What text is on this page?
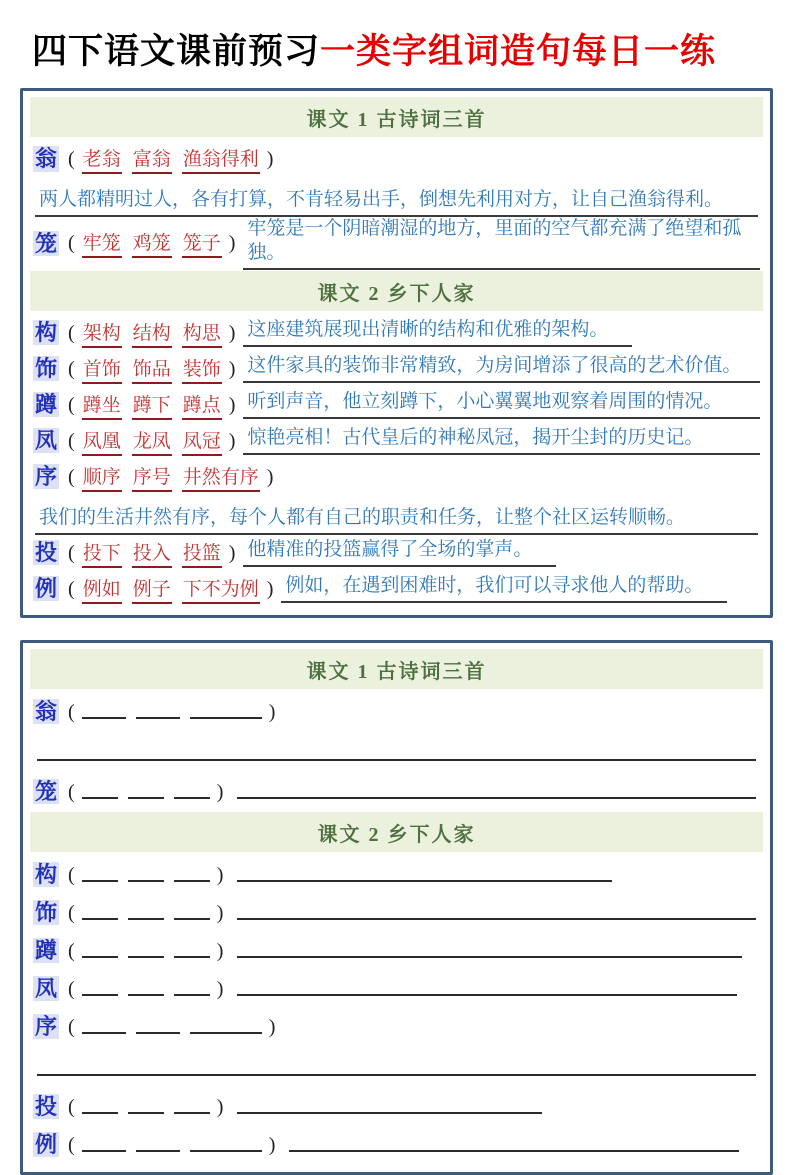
四下语文课前预习一类字组词造句每日一练
课文 1 古诗词三首
翁 ( 老翁 富翁 渔翁得利 )
两人都精明过人，各有打算，不肯轻易出手，倒想先利用对方，让自己渔翁得利。
笼 ( 牢笼 鸡笼 笼子 )
牢笼是一个阴暗潮湿的地方，里面的空气都充满了绝望和孤独。
课文 2 乡下人家
构 ( 架构 结构 构思 ) 这座建筑展现出清晰的结构和优雅的架构。
饰 ( 首饰 饰品 装饰 ) 这件家具的装饰非常精致，为房间增添了很高的艺术价值。
蹲 ( 蹲坐 蹲下 蹲点 ) 听到声音，他立刻蹲下，小心翼翼地观察着周围的情况。
凤 ( 凤凰 龙凤 凤冠 ) 惊艳亮相！古代皇后的神秘凤冠，揭开尘封的历史记。
序 ( 顺序 序号 井然有序 )
我们的生活井然有序，每个人都有自己的职责和任务，让整个社区运转顺畅。
投 ( 投下 投入 投篮 ) 他精准的投篮赢得了全场的掌声。
例 ( 例如 例子 下不为例 ) 例如，在遇到困难时，我们可以寻求他人的帮助。
课文 1 古诗词三首
翁 (	)
笼 (	)
课文 2 乡下人家
构 (	)
饰 (	)
蹲 (	)
凤 (	)
序 (	)
投 (	)
例 (	)
